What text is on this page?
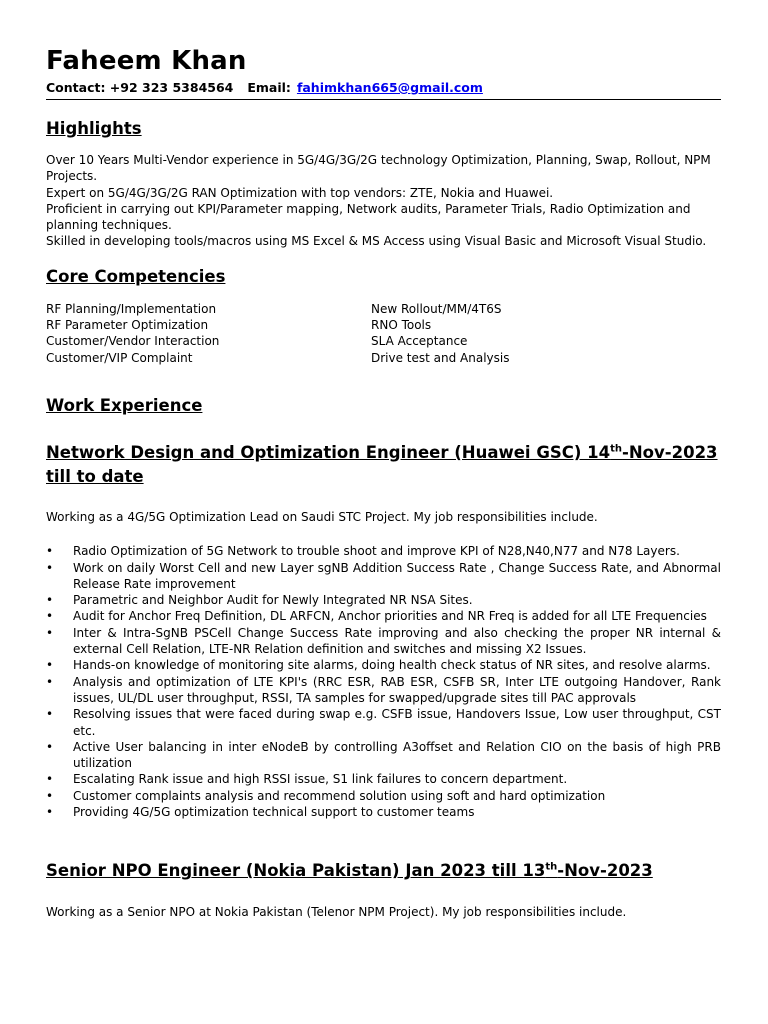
Faheem Khan
Contact: +92 323 5384564 Email: fahimkhan665@gmail.com
Highlights

Over 10 Years Multi-Vendor experience in 5G/4G/3G/2G technology Optimization, Planning, Swap, Rollout, NPM Projects.

Expert on 5G/4G/3G/2G RAN Optimization with top vendors: ZTE, Nokia and Huawei.

Proficient in carrying out KPI/Parameter mapping, Network audits, Parameter Trials, Radio Optimization and planning techniques.

Skilled in developing tools/macros using MS Excel & MS Access using Visual Basic and Microsoft Visual Studio.

Core Competencies
RF Planning/Implementation	New Rollout/MM/4T6S
RF Parameter Optimization	RNO Tools
Customer/Vendor Interaction	SLA Acceptance
Customer/VIP Complaint	Drive test and Analysis
Work Experience
Network Design and Optimization Engineer (Huawei GSC) 14th-Nov-2023 till to date

Working as a 4G/5G Optimization Lead on Saudi STC Project. My job responsibilities include.

• Radio Optimization of 5G Network to trouble shoot and improve KPI of N28,N40,N77 and N78 Layers.
• Work on daily Worst Cell and new Layer sgNB Addition Success Rate , Change Success Rate, and Abnormal Release Rate improvement
• Parametric and Neighbor Audit for Newly Integrated NR NSA Sites.
• Audit for Anchor Freq Definition, DL ARFCN, Anchor priorities and NR Freq is added for all LTE Frequencies
• Inter & Intra-SgNB PSCell Change Success Rate improving and also checking the proper NR internal & external Cell Relation, LTE-NR Relation definition and switches and missing X2 Issues.
• Hands-on knowledge of monitoring site alarms, doing health check status of NR sites, and resolve alarms.
• Analysis and optimization of LTE KPI's (RRC ESR, RAB ESR, CSFB SR, Inter LTE outgoing Handover, Rank issues, UL/DL user throughput, RSSI, TA samples for swapped/upgrade sites till PAC approvals
• Resolving issues that were faced during swap e.g. CSFB issue, Handovers Issue, Low user throughput, CST etc.
• Active User balancing in inter eNodeB by controlling A3offset and Relation CIO on the basis of high PRB utilization
• Escalating Rank issue and high RSSI issue, S1 link failures to concern department.
• Customer complaints analysis and recommend solution using soft and hard optimization
• Providing 4G/5G optimization technical support to customer teams
Senior NPO Engineer (Nokia Pakistan) Jan 2023 till 13th-Nov-2023

Working as a Senior NPO at Nokia Pakistan (Telenor NPM Project). My job responsibilities include.
